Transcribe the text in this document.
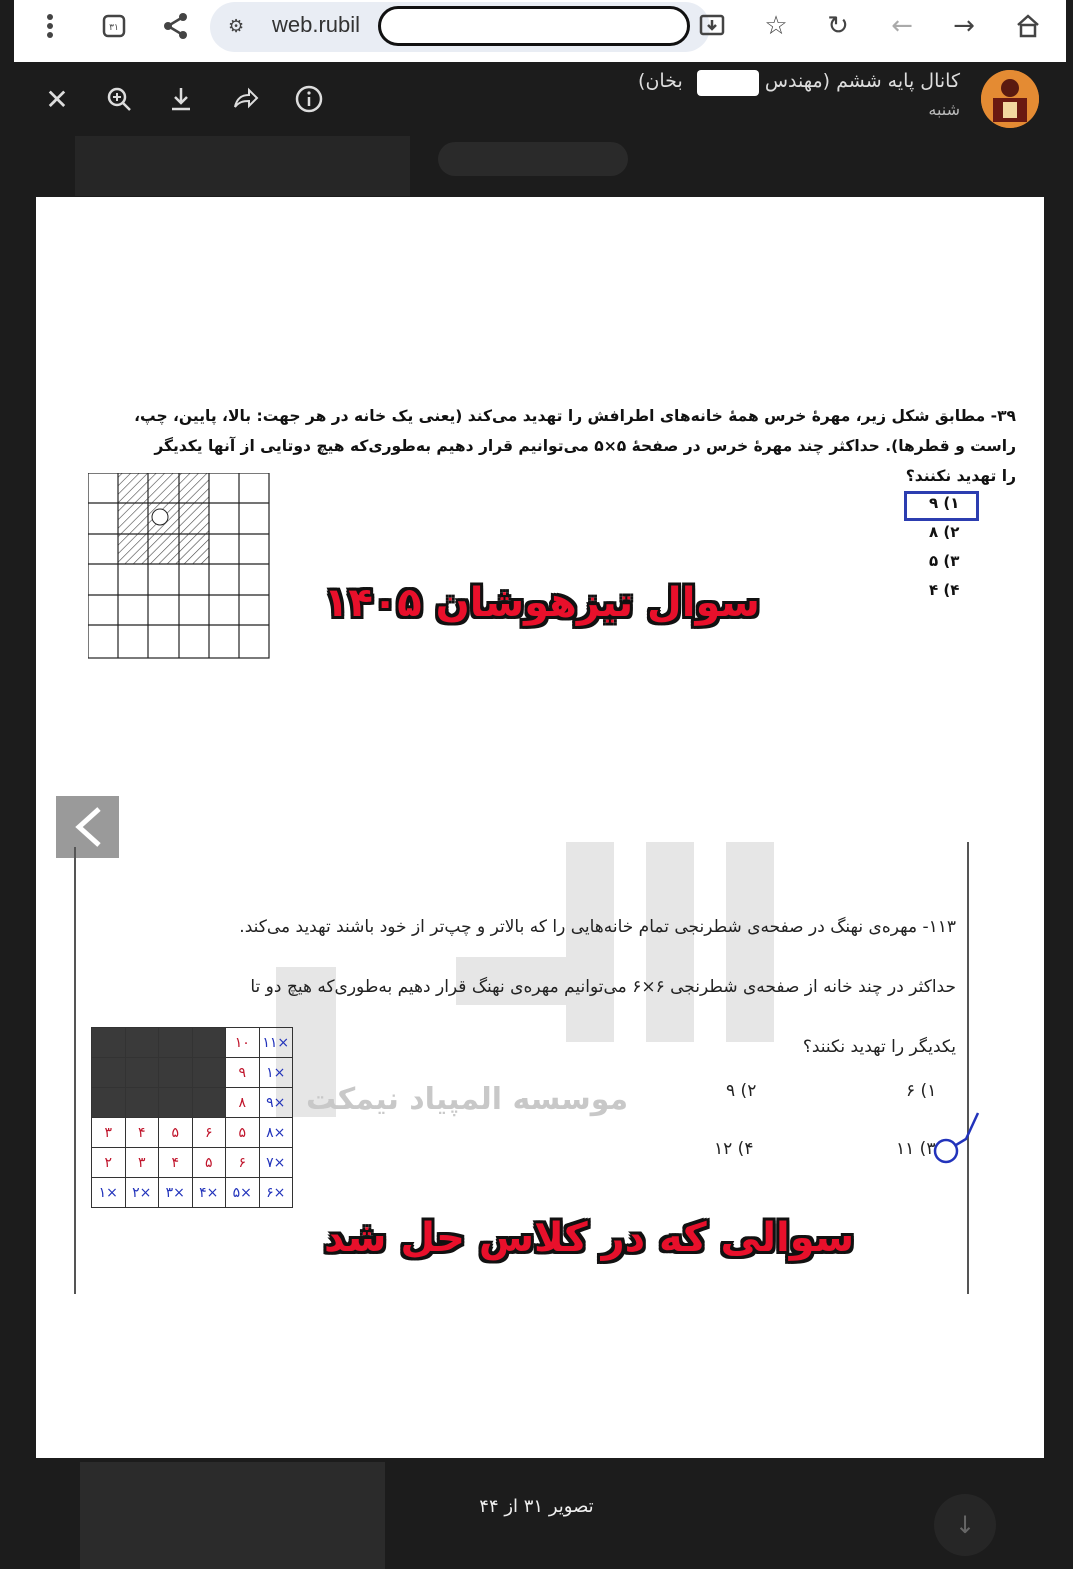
۳۱	⚙ web.rubil	☆ ↻ ← →
✕
کانال پایه ششم (مهندس  بخان)
شنبه
۳۹- مطابق شکل زیر، مهرهٔ خرس همهٔ خانه‌های اطرافش را تهدید می‌کند (یعنی یک خانه در هر جهت: بالا، پایین، چپ،
راست و قطرها). حداکثر چند مهرهٔ خرس در صفحهٔ ۵×۵ می‌توانیم قرار دهیم به‌طوری‌که هیچ دوتایی از آنها یکدیگر
را تهدید نکنند؟
۱) ۹
۲) ۸
۳) ۵
۴) ۴
سوال تیزهوشان ۱۴۰۵
۱۱۳- مهره‌ی نهنگ در صفحه‌ی شطرنجی تمام خانه‌هایی را که بالاتر و چپ‌تر از خود باشند تهدید می‌کند.
حداکثر در چند خانه از صفحه‌ی شطرنجی ۶×۶ می‌توانیم مهره‌ی نهنگ قرار دهیم به‌طوری‌که هیچ دو تا
یکدیگر را تهدید نکنند؟
موسسه المپیاد نیمکت	۱) ۶
۲) ۹
۳) ۱۱
۴) ۱۲
				۱۰	۱۱×
				۹	۱×
				۸	۹×
۳	۴	۵	۶	۵	۸×
۲	۳	۴	۵	۶	۷×
۱×	۲×	۳×	۴×	۵×	۶×
سوالی که در کلاس حل شد
تصویر ۳۱ از ۴۴
↓
